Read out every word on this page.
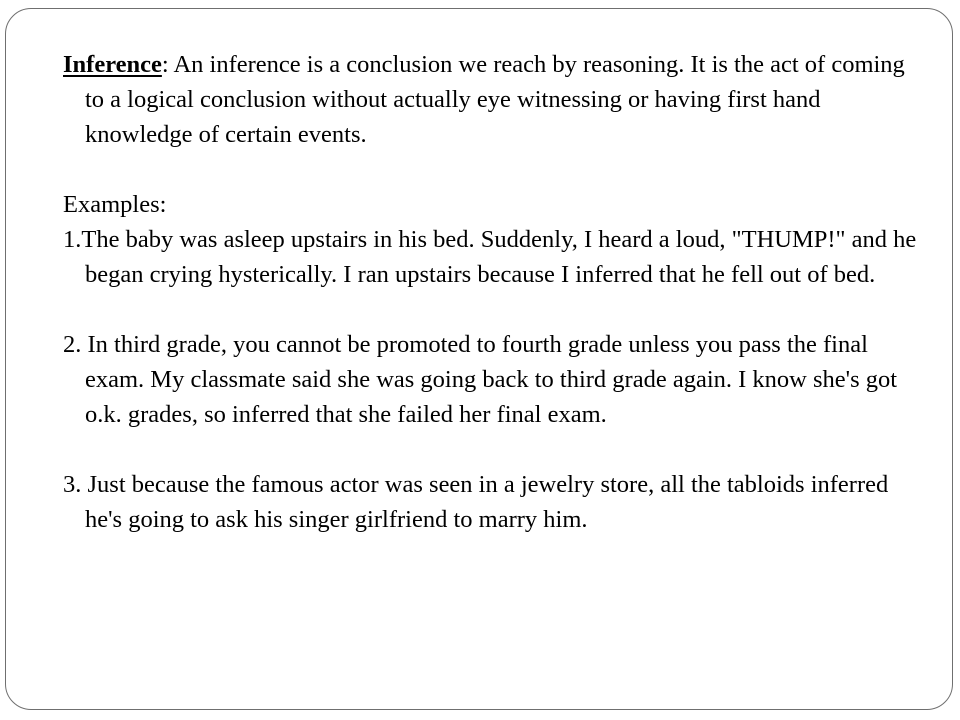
Inference: An inference is a conclusion we reach by reasoning. It is the act of coming to a logical conclusion without actually eye witnessing or having first hand knowledge of certain events.

Examples:

1.The baby was asleep upstairs in his bed. Suddenly, I heard a loud, "THUMP!" and he began crying hysterically. I ran upstairs because I inferred that he fell out of bed.

2. In third grade, you cannot be promoted to fourth grade unless you pass the final exam. My classmate said she was going back to third grade again. I know she's got o.k. grades, so inferred that she failed her final exam.

3. Just because the famous actor was seen in a jewelry store, all the tabloids inferred he's going to ask his singer girlfriend to marry him.
